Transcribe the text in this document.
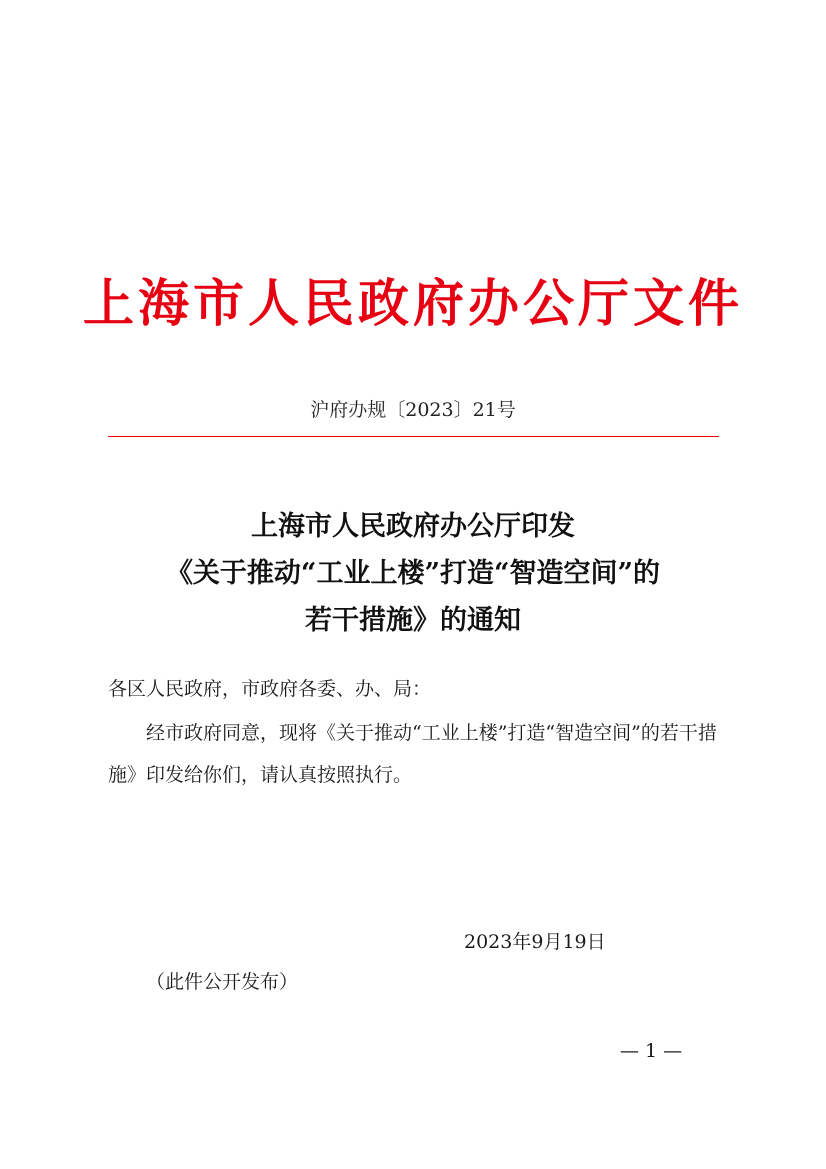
上海市人民政府办公厅文件
沪府办规〔2023〕21号
上海市人民政府办公厅印发
《关于推动“工业上楼”打造“智造空间”的
若干措施》的通知
各区人民政府，市政府各委、办、局：
经市政府同意，现将《关于推动“工业上楼”打造“智造空间”的若干措施》印发给你们，请认真按照执行。
2023年9月19日
（此件公开发布）
— 1 —
